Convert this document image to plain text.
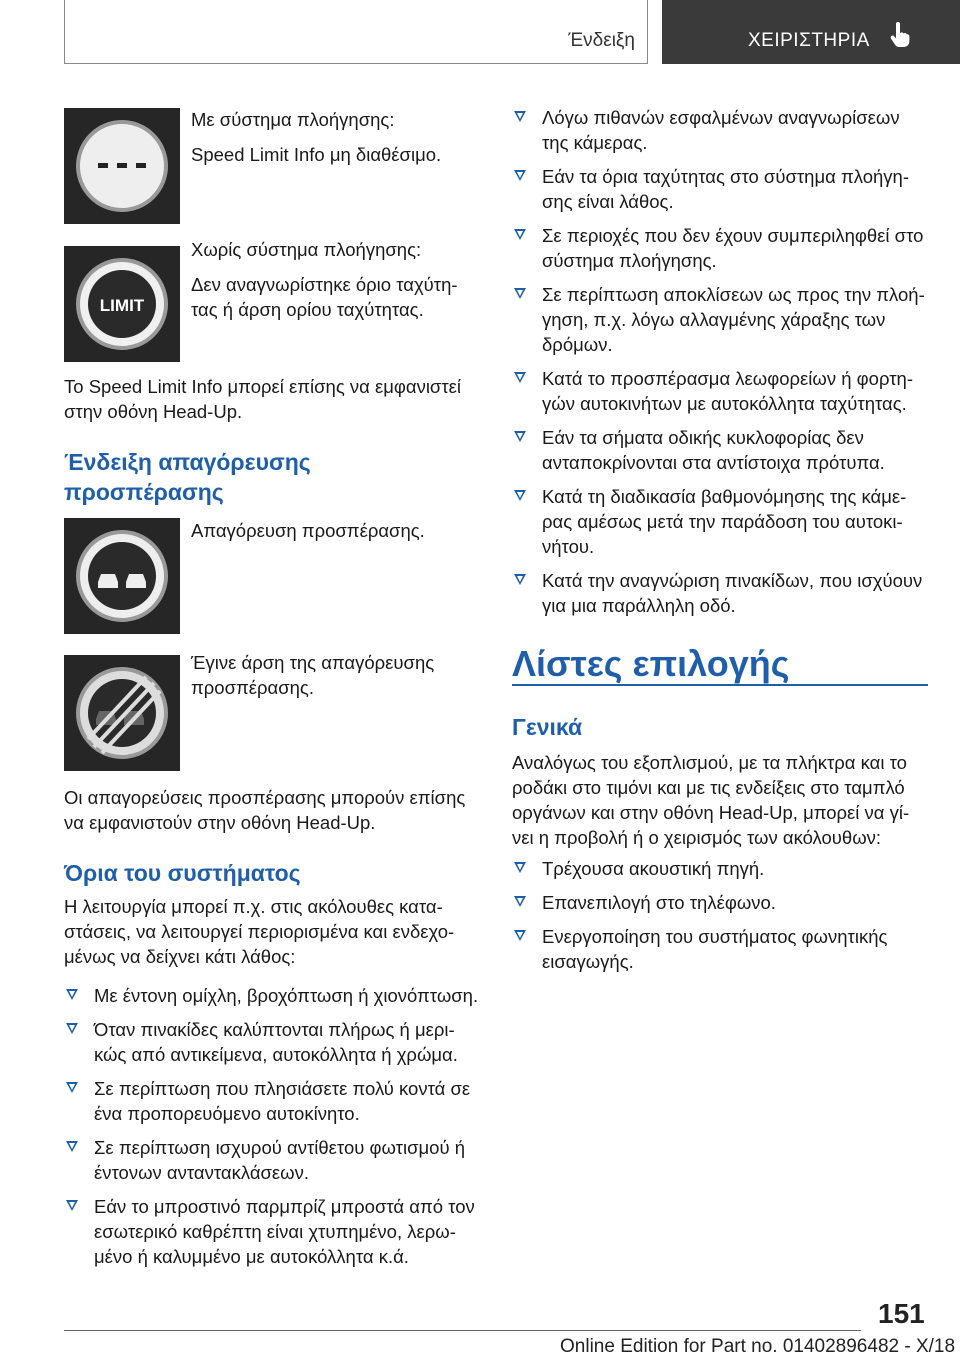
Ένδειξη	ΧΕΙΡΙΣΤΗΡΙΑ

Με σύστημα πλοήγησης:

Speed Limit Info μη διαθέσιμο.

LIMIT

Χωρίς σύστημα πλοήγησης:

Δεν αναγνωρίστηκε όριο ταχύτη-
τας ή άρση ορίου ταχύτητας.

Το Speed Limit Info μπορεί επίσης να εμφανιστεί στην οθόνη Head-Up.

Ένδειξη απαγόρευσης προσπέρασης

Απαγόρευση προσπέρασης.

Έγινε άρση της απαγόρευσης προσπέρασης.

Οι απαγορεύσεις προσπέρασης μπορούν επίσης να εμφανιστούν στην οθόνη Head-Up.

Όρια του συστήματος

Η λειτουργία μπορεί π.χ. στις ακόλουθες κατα-στάσεις, να λειτουργεί περιορισμένα και ενδεχο-μένως να δείχνει κάτι λάθος:

Με έντονη ομίχλη, βροχόπτωση ή χιονόπτωση.
Όταν πινακίδες καλύπτονται πλήρως ή μερι-κώς από αντικείμενα, αυτοκόλλητα ή χρώμα.
Σε περίπτωση που πλησιάσετε πολύ κοντά σε ένα προπορευόμενο αυτοκίνητο.
Σε περίπτωση ισχυρού αντίθετου φωτισμού ή έντονων ανταντακλάσεων.
Εάν το μπροστινό παρμπρίζ μπροστά από τον εσωτερικό καθρέπτη είναι χτυπημένο, λερω-μένο ή καλυμμένο με αυτοκόλλητα κ.ά.
Λόγω πιθανών εσφαλμένων αναγνωρίσεων της κάμερας.
Εάν τα όρια ταχύτητας στο σύστημα πλοήγη-σης είναι λάθος.
Σε περιοχές που δεν έχουν συμπεριληφθεί στο σύστημα πλοήγησης.
Σε περίπτωση αποκλίσεων ως προς την πλοή-γηση, π.χ. λόγω αλλαγμένης χάραξης των δρόμων.
Κατά το προσπέρασμα λεωφορείων ή φορτη-γών αυτοκινήτων με αυτοκόλλητα ταχύτητας.
Εάν τα σήματα οδικής κυκλοφορίας δεν ανταποκρίνονται στα αντίστοιχα πρότυπα.
Κατά τη διαδικασία βαθμονόμησης της κάμε-ρας αμέσως μετά την παράδοση του αυτοκι-νήτου.
Κατά την αναγνώριση πινακίδων, που ισχύουν για μια παράλληλη οδό.
Λίστες επιλογής
Γενικά

Αναλόγως του εξοπλισμού, με τα πλήκτρα και το ροδάκι στο τιμόνι και με τις ενδείξεις στο ταμπλό οργάνων και στην οθόνη Head-Up, μπορεί να γί-νει η προβολή ή ο χειρισμός των ακόλουθων:

Τρέχουσα ακουστική πηγή.
Επανεπιλογή στο τηλέφωνο.
Ενεργοποίηση του συστήματος φωνητικής εισαγωγής.
151
Online Edition for Part no. 01402896482 - X/18
